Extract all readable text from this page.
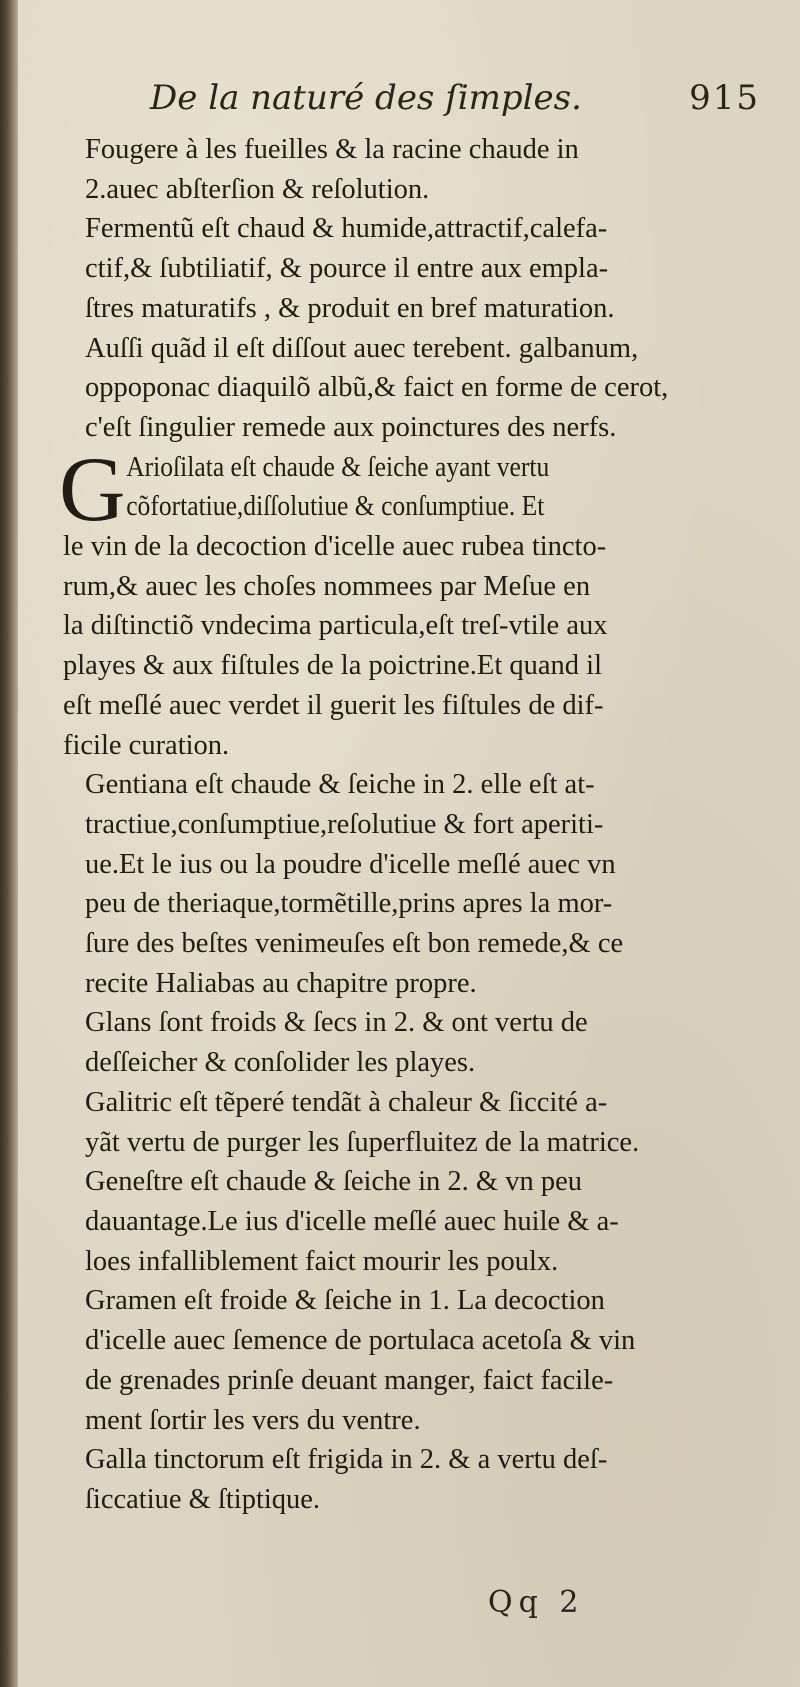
De la naturé des ſimples.	915
Fougere à les fueilles & la racine chaude in
2.auec abſterſion & reſolution.
Fermentũ eſt chaud & humide,attractif,calefa-
ctif,& ſubtiliatif, & pource il entre aux empla-
ſtres maturatifs , & produit en bref maturation.
Auſſi quãd il eſt diſſout auec terebent. galbanum,
oppoponac diaquilõ albũ,& faict en forme de cerot,
c'eſt ſingulier remede aux poinctures des nerfs.
G Arioſilata eſt chaude & ſeiche ayant vertu
cõfortatiue,diſſolutiue & conſumptiue. Et
le vin de la decoction d'icelle auec rubea tincto-
rum,& auec les choſes nommees par Meſue en
la diſtinctiõ vndecima particula,eſt treſ-vtile aux
playes & aux fiſtules de la poictrine.Et quand il
eſt meſlé auec verdet il guerit les fiſtules de dif-
ficile curation.
Gentiana eſt chaude & ſeiche in 2. elle eſt at-
tractiue,conſumptiue,reſolutiue & fort aperiti-
ue.Et le ius ou la poudre d'icelle meſlé auec vn
peu de theriaque,tormẽtille,prins apres la mor-
ſure des beſtes venimeuſes eſt bon remede,& ce
recite Haliabas au chapitre propre.
Glans ſont froids & ſecs in 2. & ont vertu de
deſſeicher & conſolider les playes.
Galitric eſt tẽperé tendãt à chaleur & ſiccité a-
yãt vertu de purger les ſuperfluitez de la matrice.
Geneſtre eſt chaude & ſeiche in 2. & vn peu
dauantage.Le ius d'icelle meſlé auec huile & a-
loes infalliblement faict mourir les poulx.
Gramen eſt froide & ſeiche in 1. La decoction
d'icelle auec ſemence de portulaca acetoſa & vin
de grenades prinſe deuant manger, faict facile-
ment ſortir les vers du ventre.
Galla tinctorum eſt frigida in 2. & a vertu deſ-
ſiccatiue & ſtiptique.
Qq 2
